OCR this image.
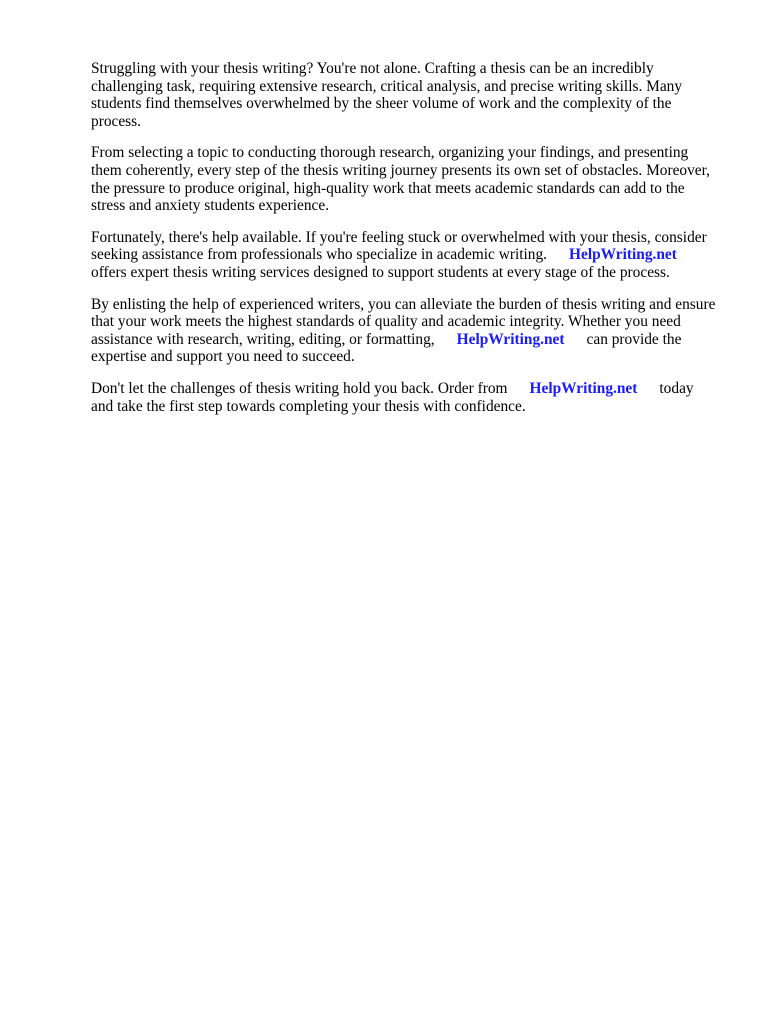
Struggling with your thesis writing? You're not alone. Crafting a thesis can be an incredibly
challenging task, requiring extensive research, critical analysis, and precise writing skills. Many
students find themselves overwhelmed by the sheer volume of work and the complexity of the
process.

From selecting a topic to conducting thorough research, organizing your findings, and presenting
them coherently, every step of the thesis writing journey presents its own set of obstacles. Moreover,
the pressure to produce original, high-quality work that meets academic standards can add to the
stress and anxiety students experience.

Fortunately, there's help available. If you're feeling stuck or overwhelmed with your thesis, consider
seeking assistance from professionals who specialize in academic writing. HelpWriting.net
offers expert thesis writing services designed to support students at every stage of the process.

By enlisting the help of experienced writers, you can alleviate the burden of thesis writing and ensure
that your work meets the highest standards of quality and academic integrity. Whether you need
assistance with research, writing, editing, or formatting, HelpWriting.net can provide the
expertise and support you need to succeed.

Don't let the challenges of thesis writing hold you back. Order from HelpWriting.net today
and take the first step towards completing your thesis with confidence.
